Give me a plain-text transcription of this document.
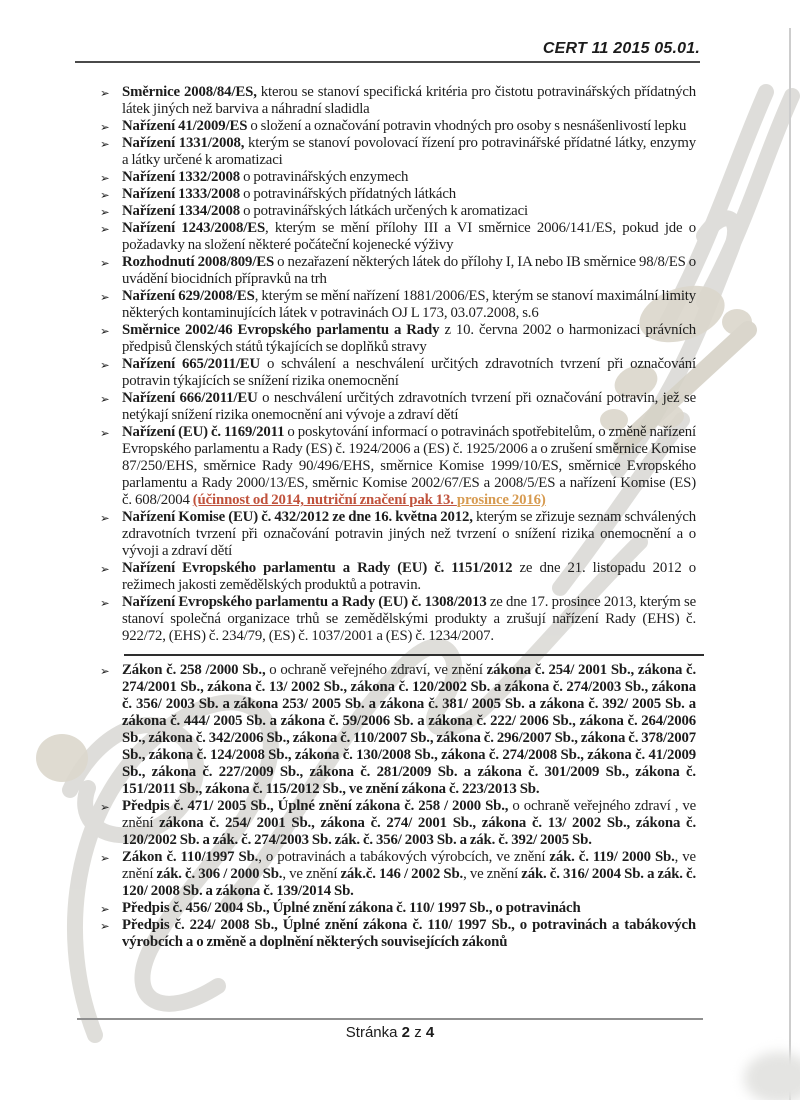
CERT 11 2015 05.01.
➢ Směrnice 2008/84/ES, kterou se stanoví specifická kritéria pro čistotu potravinářských přídatných látek jiných než barviva a náhradní sladidla
➢ Nařízení 41/2009/ES o složení a označování potravin vhodných pro osoby s nesnášenlivostí lepku
➢ Nařízení 1331/2008, kterým se stanoví povolovací řízení pro potravinářské přídatné látky, enzymy a látky určené k aromatizaci
➢ Nařízení 1332/2008 o potravinářských enzymech
➢ Nařízení 1333/2008 o potravinářských přídatných látkách
➢ Nařízení 1334/2008 o potravinářských látkách určených k aromatizaci
➢ Nařízení 1243/2008/ES, kterým se mění přílohy III a VI směrnice 2006/141/ES, pokud jde o požadavky na složení některé počáteční kojenecké výživy
➢ Rozhodnutí 2008/809/ES o nezařazení některých látek do přílohy I, IA nebo IB směrnice 98/8/ES o uvádění biocidních přípravků na trh
➢ Nařízení 629/2008/ES, kterým se mění nařízení 1881/2006/ES, kterým se stanoví maximální limity některých kontaminujících látek v potravinách OJ L 173, 03.07.2008, s.6
➢ Směrnice 2002/46 Evropského parlamentu a Rady z 10. června 2002 o harmonizaci právních předpisů členských států týkajících se doplňků stravy
➢ Nařízení 665/2011/EU o schválení a neschválení určitých zdravotních tvrzení při označování potravin týkajících se snížení rizika onemocnění
➢ Nařízení 666/2011/EU o neschválení určitých zdravotních tvrzení při označování potravin, jež se netýkají snížení rizika onemocnění ani vývoje a zdraví dětí
➢ Nařízení (EU) č. 1169/2011 o poskytování informací o potravinách spotřebitelům, o změně nařízení Evropského parlamentu a Rady (ES) č. 1924/2006 a (ES) č. 1925/2006 a o zrušení směrnice Komise 87/250/EHS, směrnice Rady 90/496/EHS, směrnice Komise 1999/10/ES, směrnice Evropského parlamentu a Rady 2000/13/ES, směrnic Komise 2002/67/ES a 2008/5/ES a nařízení Komise (ES) č. 608/2004 (účinnost od 2014, nutriční značení pak 13. prosince 2016)
➢ Nařízení Komise (EU) č. 432/2012 ze dne 16. května 2012, kterým se zřizuje seznam schválených zdravotních tvrzení při označování potravin jiných než tvrzení o snížení rizika onemocnění a o vývoji a zdraví dětí
➢ Nařízení Evropského parlamentu a Rady (EU) č. 1151/2012 ze dne 21. listopadu 2012 o režimech jakosti zemědělských produktů a potravin.
➢ Nařízení Evropského parlamentu a Rady (EU) č. 1308/2013 ze dne 17. prosince 2013, kterým se stanoví společná organizace trhů se zemědělskými produkty a zrušují nařízení Rady (EHS) č. 922/72, (EHS) č. 234/79, (ES) č. 1037/2001 a (ES) č. 1234/2007.
➢ Zákon č. 258 /2000 Sb., o ochraně veřejného zdraví, ve znění zákona č. 254/ 2001 Sb., zákona č. 274/2001 Sb., zákona č. 13/ 2002 Sb., zákona č. 120/2002 Sb. a zákona č. 274/2003 Sb., zákona č. 356/ 2003 Sb. a zákona 253/ 2005 Sb. a zákona č. 381/ 2005 Sb. a zákona č. 392/ 2005 Sb. a zákona č. 444/ 2005 Sb. a zákona č. 59/2006 Sb. a zákona č. 222/ 2006 Sb., zákona č. 264/2006 Sb., zákona č. 342/2006 Sb., zákona č. 110/2007 Sb., zákona č. 296/2007 Sb., zákona č. 378/2007 Sb., zákona č. 124/2008 Sb., zákona č. 130/2008 Sb., zákona č. 274/2008 Sb., zákona č. 41/2009 Sb., zákona č. 227/2009 Sb., zákona č. 281/2009 Sb. a zákona č. 301/2009 Sb., zákona č. 151/2011 Sb., zákona č. 115/2012 Sb., ve znění zákona č. 223/2013 Sb.
➢ Předpis č. 471/ 2005 Sb., Úplné znění zákona č. 258 / 2000 Sb., o ochraně veřejného zdraví , ve znění zákona č. 254/ 2001 Sb., zákona č. 274/ 2001 Sb., zákona č. 13/ 2002 Sb., zákona č. 120/2002 Sb. a zák. č. 274/2003 Sb. zák. č. 356/ 2003 Sb. a zák. č. 392/ 2005 Sb.
➢ Zákon č. 110/1997 Sb., o potravinách a tabákových výrobcích, ve znění zák. č. 119/ 2000 Sb., ve znění zák. č. 306 / 2000 Sb., ve znění zák.č. 146 / 2002 Sb., ve znění zák. č. 316/ 2004 Sb. a zák. č. 120/ 2008 Sb. a zákona č. 139/2014 Sb.
➢ Předpis č. 456/ 2004 Sb., Úplné znění zákona č. 110/ 1997 Sb., o potravinách
➢ Předpis č. 224/ 2008 Sb., Úplné znění zákona č. 110/ 1997 Sb., o potravinách a tabákových výrobcích a o změně a doplnění některých souvisejících zákonů
Stránka 2 z 4
